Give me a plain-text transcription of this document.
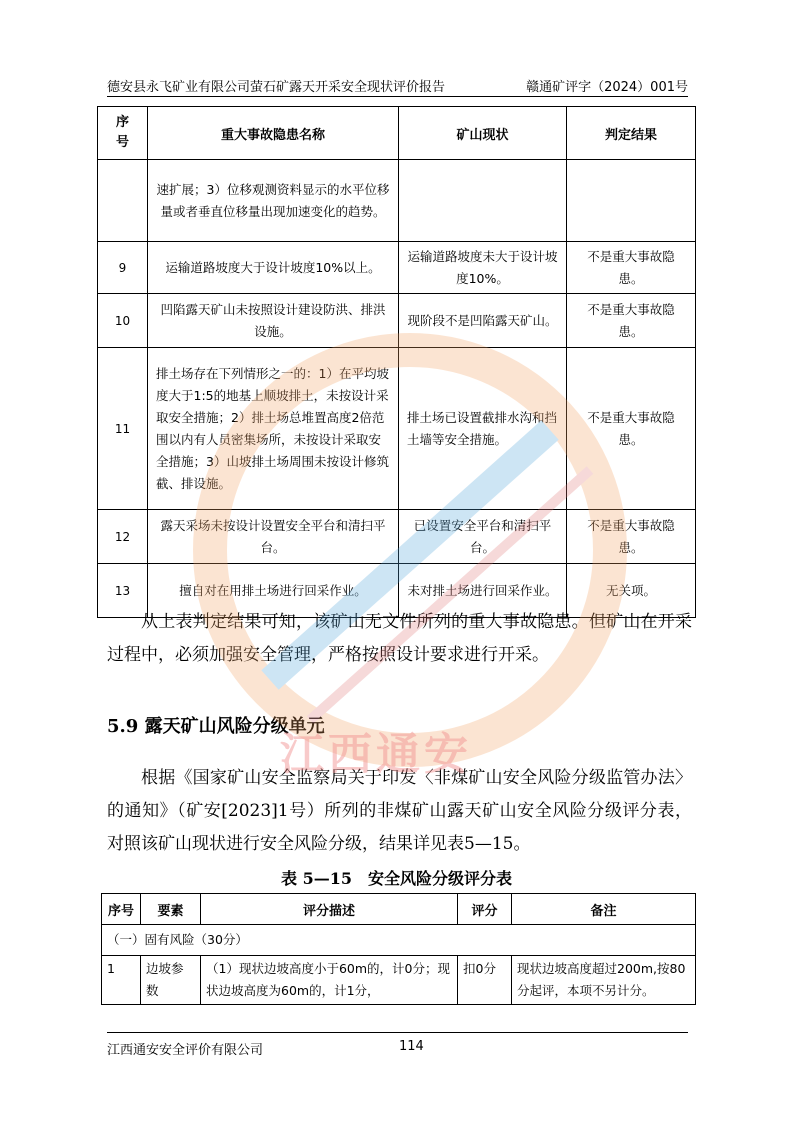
德安县永飞矿业有限公司萤石矿露天开采安全现状评价报告	赣通矿评字（2024）001号
序号	重大事故隐患名称	矿山现状	判定结果
	速扩展；3）位移观测资料显示的水平位移量或者垂直位移量出现加速变化的趋势。		
9	运输道路坡度大于设计坡度10%以上。	运输道路坡度未大于设计坡度10%。	不是重大事故隐患。
10	凹陷露天矿山未按照设计建设防洪、排洪设施。	现阶段不是凹陷露天矿山。	不是重大事故隐患。
11	排土场存在下列情形之一的：1）在平均坡度大于1:5的地基上顺坡排土，未按设计采取安全措施；2）排土场总堆置高度2倍范围以内有人员密集场所，未按设计采取安全措施；3）山坡排土场周围未按设计修筑截、排设施。	排土场已设置截排水沟和挡土墙等安全措施。	不是重大事故隐患。
12	露天采场未按设计设置安全平台和清扫平台。	已设置安全平台和清扫平台。	不是重大事故隐患。
13	擅自对在用排土场进行回采作业。	未对排土场进行回采作业。	无关项。

从上表判定结果可知，该矿山无文件所列的重大事故隐患。但矿山在开采过程中，必须加强安全管理，严格按照设计要求进行开采。

5.9 露天矿山风险分级单元

根据《国家矿山安全监察局关于印发〈非煤矿山安全风险分级监管办法〉的通知》（矿安[2023]1号）所列的非煤矿山露天矿山安全风险分级评分表，对照该矿山现状进行安全风险分级，结果详见表5—15。

表 5—15　安全风险分级评分表
序号	要素	评分描述	评分	备注
（一）固有风险（30分）				
1	边坡参数	（1）现状边坡高度小于60m的，计0分；现状边坡高度为60m的，计1分，	扣0分	现状边坡高度超过200m,按80分起评，本项不另计分。
江西通安
江西通安安全评价有限公司	114
